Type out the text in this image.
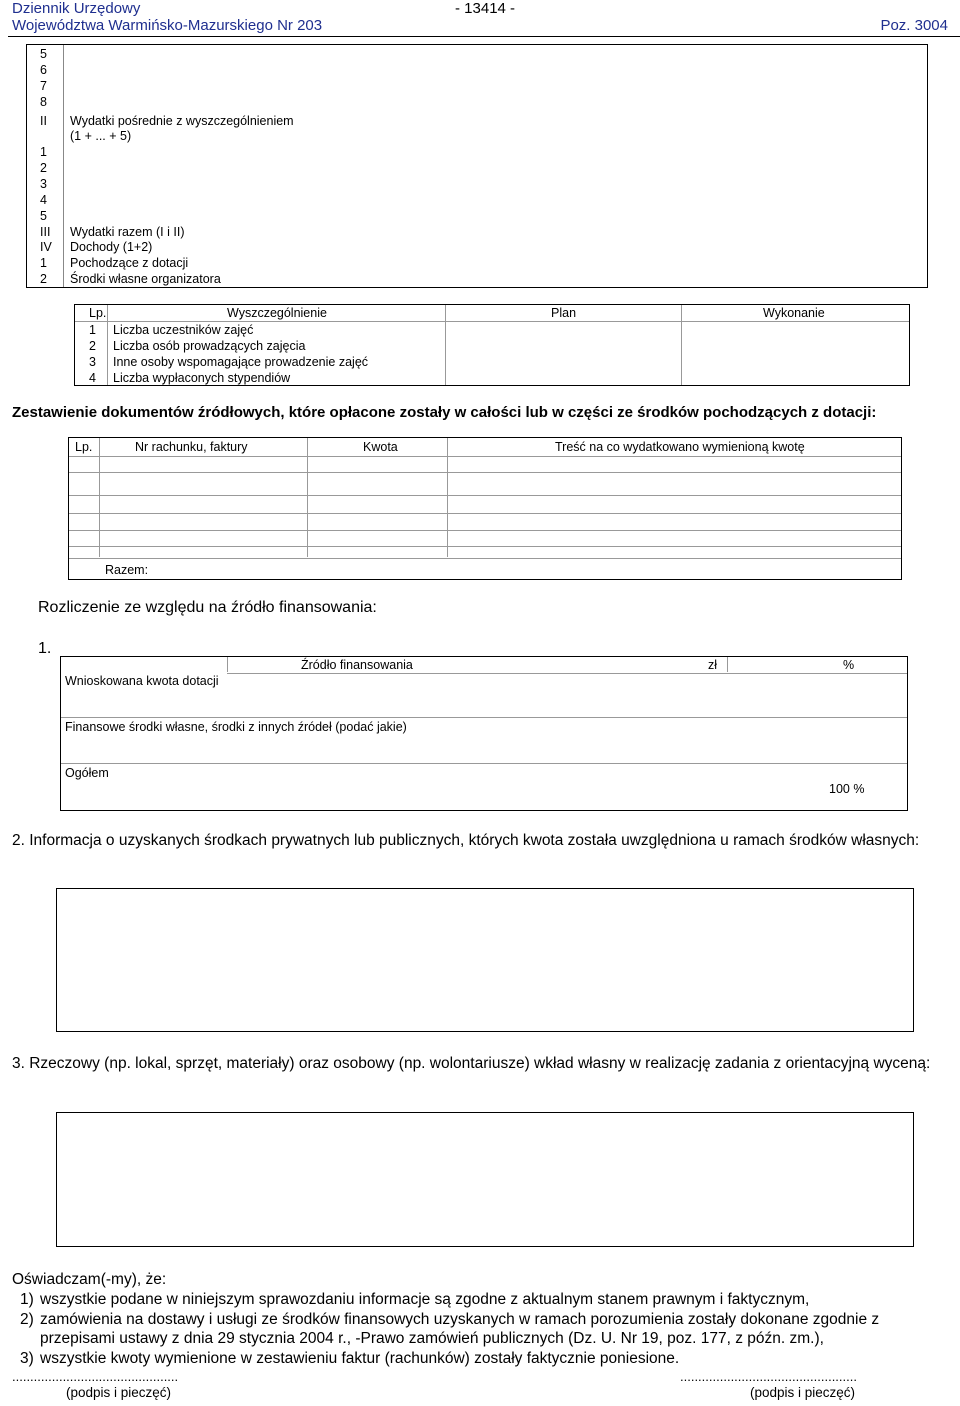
Dziennik Urzędowy	- 13414 -
Województwa Warmińsko-Mazurskiego Nr 203	Poz. 3004
5
6
7
8
II Wydatki pośrednie z wyszczególnieniem
(1 + ... + 5)
1
2
3
4
5
III Wydatki razem (I i II)
IV Dochody (1+2)
1 Pochodzące z dotacji
2 Środki własne organizatora
Lp.	Wyszczególnienie	Plan	Wykonanie
1 Liczba uczestników zajęć
2 Liczba osób prowadzących zajęcia
3 Inne osoby wspomagające prowadzenie zajęć
4 Liczba wypłaconych stypendiów
Zestawienie dokumentów źródłowych, które opłacone zostały w całości lub w części ze środków pochodzących z dotacji:
Lp.	Nr rachunku, faktury	Kwota	Treść na co wydatkowano wymienioną kwotę
Razem:
Rozliczenie ze względu na źródło finansowania:
1.
Źródło finansowania	zł	%
Wnioskowana kwota dotacji
Finansowe środki własne, środki z innych źródeł (podać jakie)
Ogółem
100 %
2. Informacja o uzyskanych środkach prywatnych lub publicznych, których kwota została uwzględniona u ramach środków własnych:
3. Rzeczowy (np. lokal, sprzęt, materiały) oraz osobowy (np. wolontariusze) wkład własny w realizację zadania z orientacyjną wyceną:
Oświadczam(-my), że:
1) wszystkie podane w niniejszym sprawozdaniu informacje są zgodne z aktualnym stanem prawnym i faktycznym,
2) zamówienia na dostawy i usługi ze środków finansowych uzyskanych w ramach porozumienia zostały dokonane zgodnie z
przepisami ustawy z dnia 29 stycznia 2004 r., -Prawo zamówień publicznych (Dz. U. Nr 19, poz. 177, z późn. zm.),
3) wszystkie kwoty wymienione w zestawieniu faktur (rachunków) zostały faktycznie poniesione.
..............................................	.................................................
(podpis i pieczęć)	(podpis i pieczęć)
